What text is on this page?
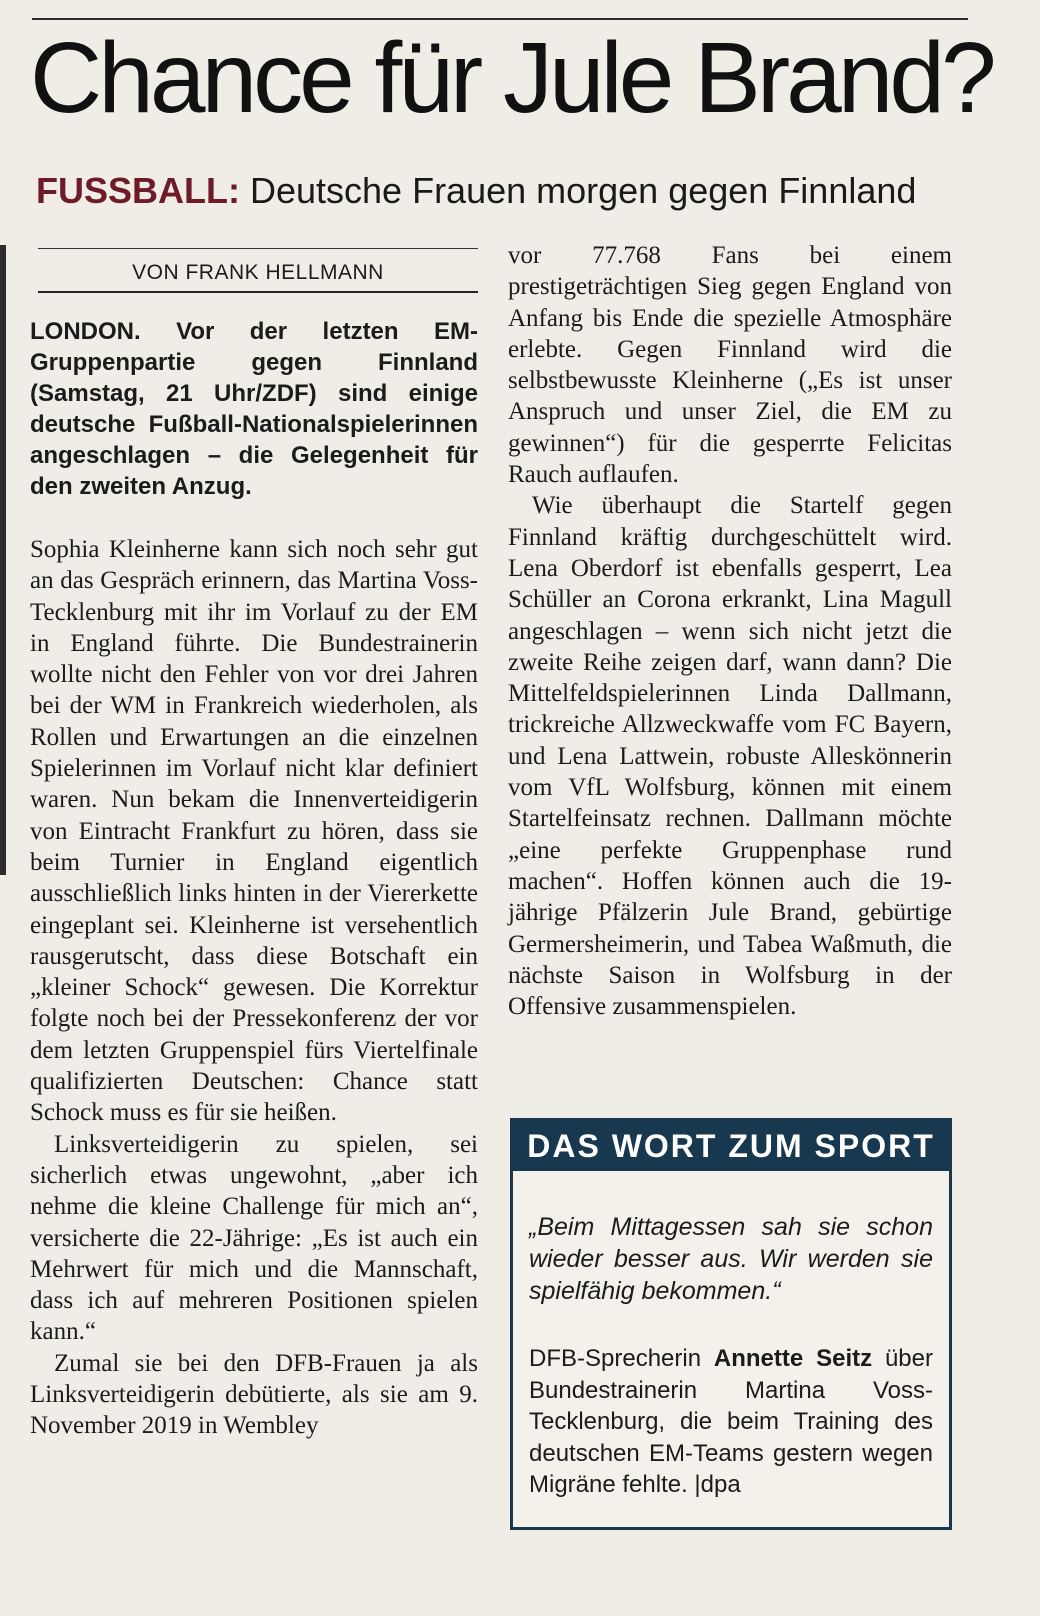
Chance für Jule Brand?

FUSSBALL: Deutsche Frauen morgen gegen Finnland

VON FRANK HELLMANN

LONDON. Vor der letzten EM-Gruppenpartie gegen Finnland (Samstag, 21 Uhr/ZDF) sind einige deutsche Fußball-Nationalspielerinnen angeschlagen – die Gelegenheit für den zweiten Anzug.

Sophia Kleinherne kann sich noch sehr gut an das Gespräch erinnern, das Martina Voss-Tecklenburg mit ihr im Vorlauf zu der EM in England führte. Die Bundestrainerin wollte nicht den Fehler von vor drei Jahren bei der WM in Frankreich wiederholen, als Rollen und Erwartungen an die einzelnen Spielerinnen im Vorlauf nicht klar definiert waren. Nun bekam die Innenverteidigerin von Eintracht Frankfurt zu hören, dass sie beim Turnier in England eigentlich ausschließlich links hinten in der Viererkette eingeplant sei. Kleinherne ist versehentlich rausgerutscht, dass diese Botschaft ein „kleiner Schock“ gewesen. Die Korrektur folgte noch bei der Pressekonferenz der vor dem letzten Gruppenspiel fürs Viertelfinale qualifizierten Deutschen: Chance statt Schock muss es für sie heißen.

Linksverteidigerin zu spielen, sei sicherlich etwas ungewohnt, „aber ich nehme die kleine Challenge für mich an“, versicherte die 22-Jährige: „Es ist auch ein Mehrwert für mich und die Mannschaft, dass ich auf mehreren Positionen spielen kann.“

Zumal sie bei den DFB-Frauen ja als Linksverteidigerin debütierte, als sie am 9. November 2019 in Wembley

vor 77.768 Fans bei einem prestigeträchtigen Sieg gegen England von Anfang bis Ende die spezielle Atmosphäre erlebte. Gegen Finnland wird die selbstbewusste Kleinherne („Es ist unser Anspruch und unser Ziel, die EM zu gewinnen“) für die gesperrte Felicitas Rauch auflaufen.

Wie überhaupt die Startelf gegen Finnland kräftig durchgeschüttelt wird. Lena Oberdorf ist ebenfalls gesperrt, Lea Schüller an Corona erkrankt, Lina Magull angeschlagen – wenn sich nicht jetzt die zweite Reihe zeigen darf, wann dann? Die Mittelfeldspielerinnen Linda Dallmann, trickreiche Allzweckwaffe vom FC Bayern, und Lena Lattwein, robuste Alleskönnerin vom VfL Wolfsburg, können mit einem Startelfeinsatz rechnen. Dallmann möchte „eine perfekte Gruppenphase rund machen“. Hoffen können auch die 19-jährige Pfälzerin Jule Brand, gebürtige Germersheimerin, und Tabea Waßmuth, die nächste Saison in Wolfsburg in der Offensive zusammenspielen.

DAS WORT ZUM SPORT

„Beim Mittagessen sah sie schon wieder besser aus. Wir werden sie spielfähig bekommen.“

DFB-Sprecherin Annette Seitz über Bundestrainerin Martina Voss-Tecklenburg, die beim Training des deutschen EM-Teams gestern wegen Migräne fehlte. |dpa
